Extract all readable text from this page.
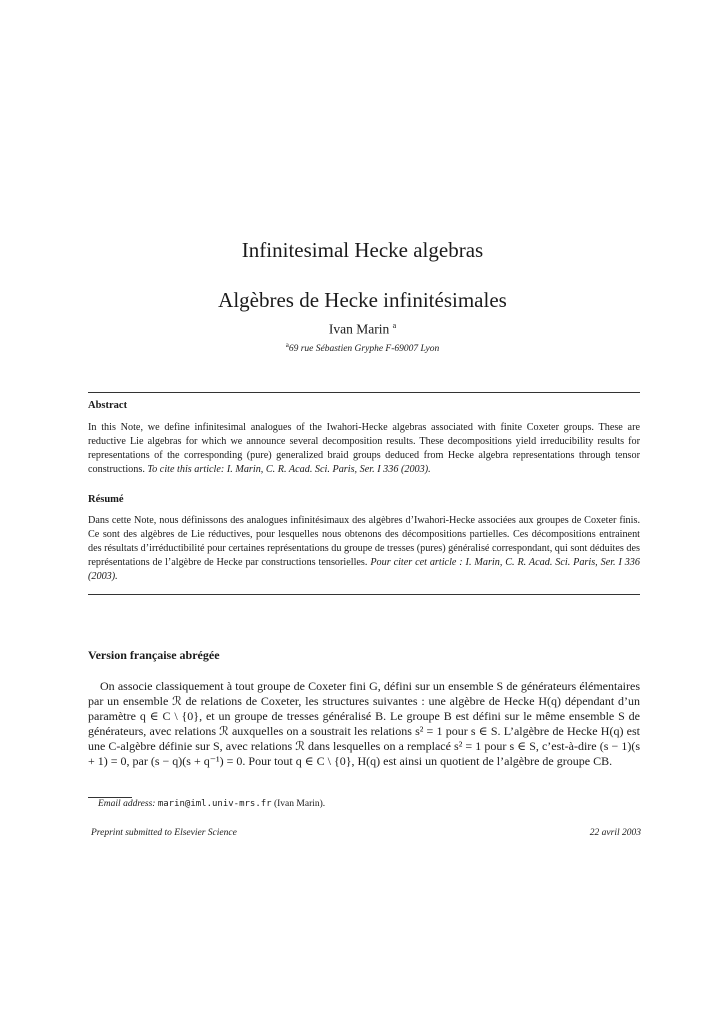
Infinitesimal Hecke algebras
Algèbres de Hecke infinitésimales
Ivan Marin $^a$
$^a$69 rue Sébastien Gryphe F-69007 Lyon
Abstract
In this Note, we define infinitesimal analogues of the Iwahori-Hecke algebras associated with finite Coxeter groups. These are reductive Lie algebras for which we announce several decomposition results. These decompositions yield irreducibility results for representations of the corresponding (pure) generalized braid groups deduced from Hecke algebra representations through tensor constructions. To cite this article: I. Marin, C. R. Acad. Sci. Paris, Ser. I 336 (2003).
Résumé
Dans cette Note, nous définissons des analogues infinitésimaux des algèbres d’Iwahori-Hecke associées aux groupes de Coxeter finis. Ce sont des algèbres de Lie réductives, pour lesquelles nous obtenons des décompositions partielles. Ces décompositions entrainent des résultats d’irréductibilité pour certaines représentations du groupe de tresses (pures) généralisé correspondant, qui sont déduites des représentations de l’algèbre de Hecke par constructions tensorielles. Pour citer cet article : I. Marin, C. R. Acad. Sci. Paris, Ser. I 336 (2003).
Version française abrégée
On associe classiquement à tout groupe de Coxeter fini G, défini sur un ensemble S de générateurs élémentaires par un ensemble ℛ de relations de Coxeter, les structures suivantes : une algèbre de Hecke H(q) dépendant d’un paramètre q ∈ C \ {0}, et un groupe de tresses généralisé B. Le groupe B est défini sur le même ensemble S de générateurs, avec relations ℛ auxquelles on a soustrait les relations s² = 1 pour s ∈ S. L’algèbre de Hecke H(q) est une C-algèbre définie sur S, avec relations ℛ dans lesquelles on a remplacé s² = 1 pour s ∈ S, c’est-à-dire (s − 1)(s + 1) = 0, par (s − q)(s + q⁻¹) = 0. Pour tout q ∈ C \ {0}, H(q) est ainsi un quotient de l’algèbre de groupe CB.
Email address: marin@iml.univ-mrs.fr (Ivan Marin).
Preprint submitted to Elsevier Science	22 avril 2003
